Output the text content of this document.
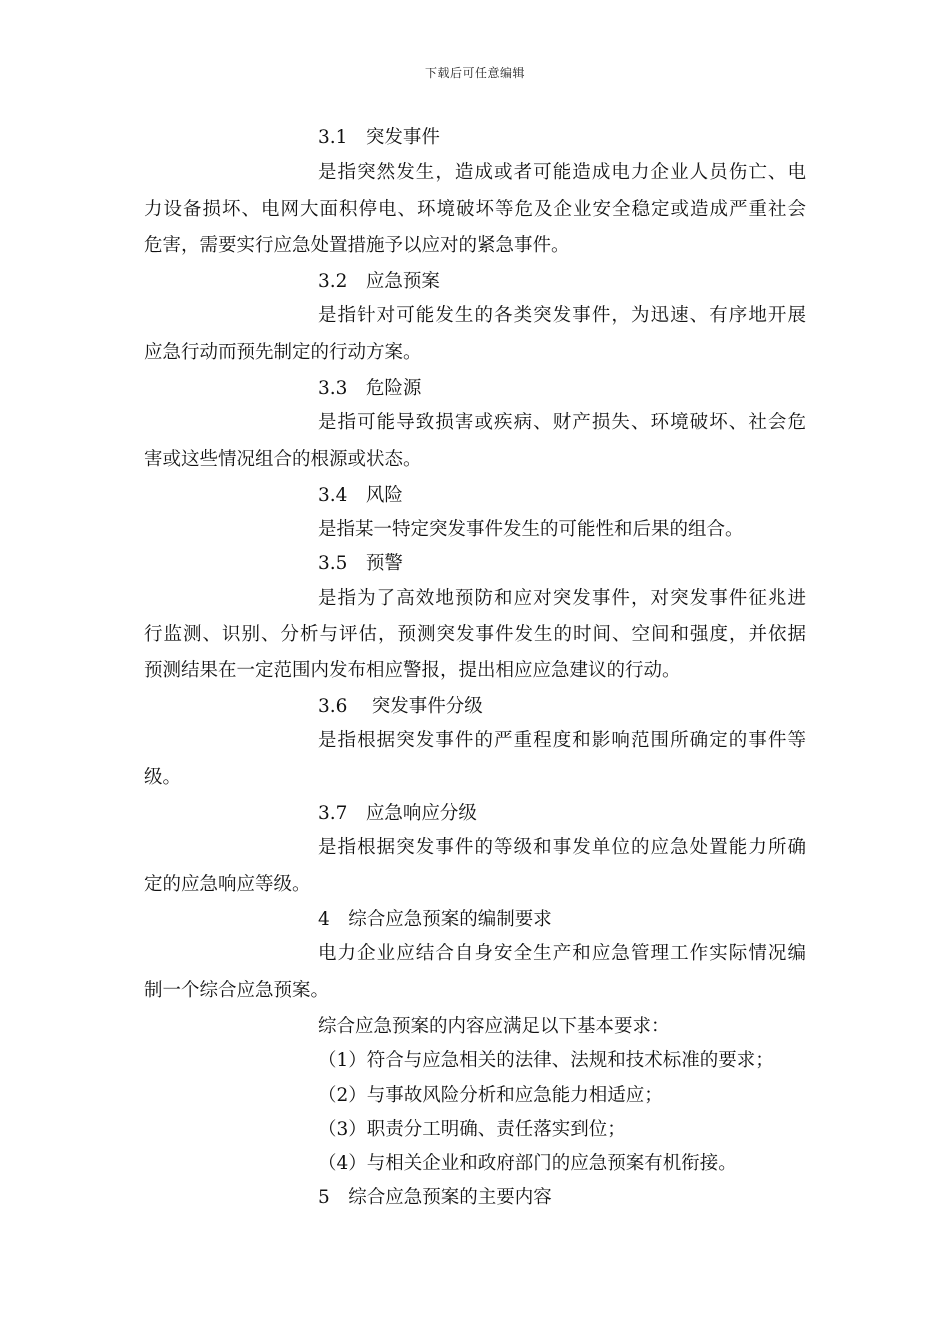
下载后可任意编辑
3.1　突发事件
是指突然发生，造成或者可能造成电力企业人员伤亡、电
力设备损坏、电网大面积停电、环境破坏等危及企业安全稳定或造成严重社会
危害，需要实行应急处置措施予以应对的紧急事件。
3.2　应急预案
是指针对可能发生的各类突发事件，为迅速、有序地开展
应急行动而预先制定的行动方案。
3.3　危险源
是指可能导致损害或疾病、财产损失、环境破坏、社会危
害或这些情况组合的根源或状态。
3.4　风险
是指某一特定突发事件发生的可能性和后果的组合。
3.5　预警
是指为了高效地预防和应对突发事件，对突发事件征兆进
行监测、识别、分析与评估，预测突发事件发生的时间、空间和强度，并依据
预测结果在一定范围内发布相应警报，提出相应应急建议的行动。
3.6　 突发事件分级
是指根据突发事件的严重程度和影响范围所确定的事件等
级。
3.7　应急响应分级
是指根据突发事件的等级和事发单位的应急处置能力所确
定的应急响应等级。
4　综合应急预案的编制要求
电力企业应结合自身安全生产和应急管理工作实际情况编
制一个综合应急预案。
综合应急预案的内容应满足以下基本要求：
（1）符合与应急相关的法律、法规和技术标准的要求；
（2）与事故风险分析和应急能力相适应；
（3）职责分工明确、责任落实到位；
（4）与相关企业和政府部门的应急预案有机衔接。
5　综合应急预案的主要内容
